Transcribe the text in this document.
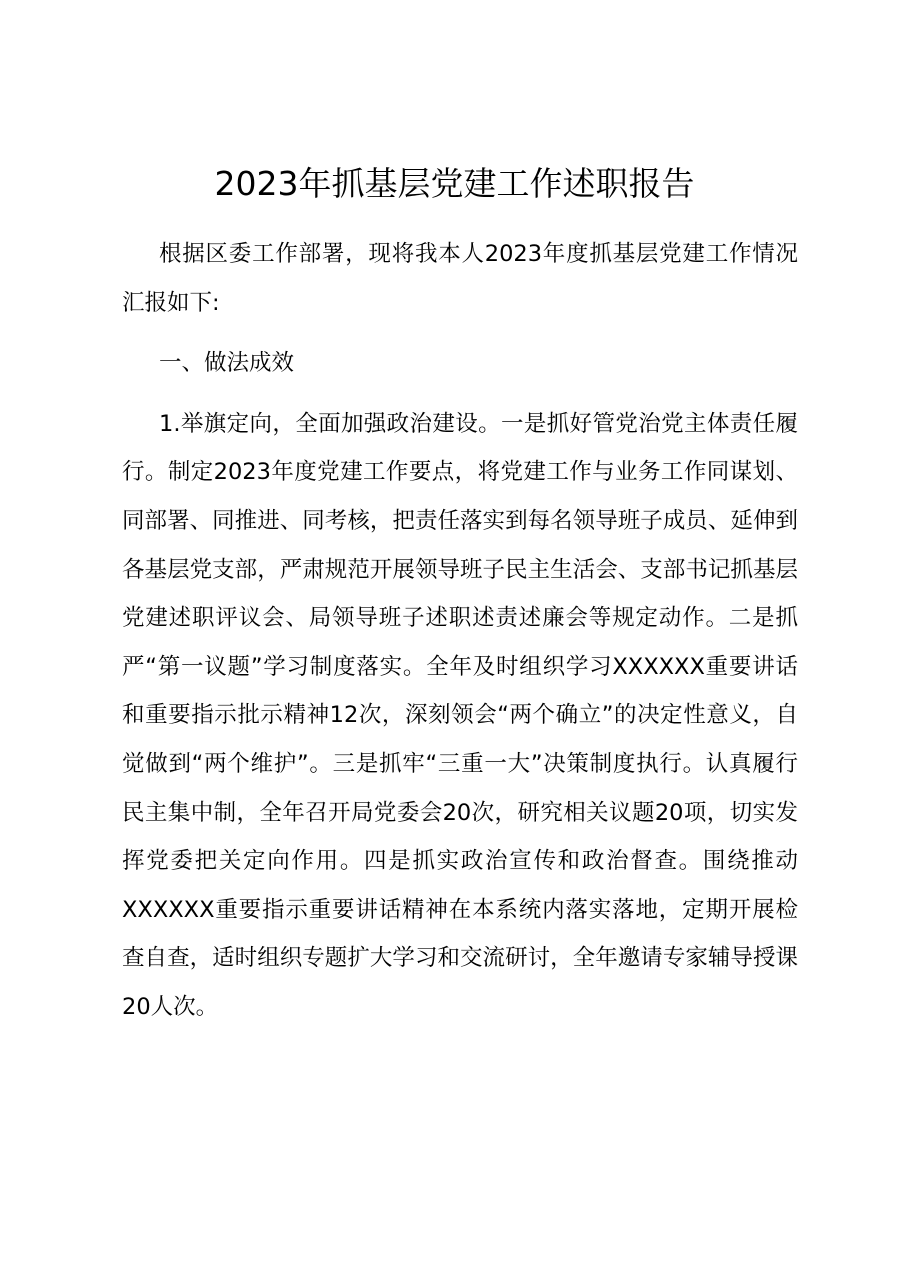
2023年抓基层党建工作述职报告

根据区委工作部署，现将我本人2023年度抓基层党建工作情况汇报如下:

一、做法成效

1.举旗定向，全面加强政治建设。一是抓好管党治党主体责任履行。制定2023年度党建工作要点，将党建工作与业务工作同谋划、同部署、同推进、同考核，把责任落实到每名领导班子成员、延伸到各基层党支部，严肃规范开展领导班子民主生活会、支部书记抓基层党建述职评议会、局领导班子述职述责述廉会等规定动作。二是抓严“第一议题”学习制度落实。全年及时组织学习XXXXXX重要讲话和重要指示批示精神12次，深刻领会“两个确立”的决定性意义，自觉做到“两个维护”。三是抓牢“三重一大”决策制度执行。认真履行民主集中制，全年召开局党委会20次，研究相关议题20项，切实发挥党委把关定向作用。四是抓实政治宣传和政治督查。围绕推动XXXXXX重要指示重要讲话精神在本系统内落实落地，定期开展检查自查，适时组织专题扩大学习和交流研讨，全年邀请专家辅导授课20人次。
